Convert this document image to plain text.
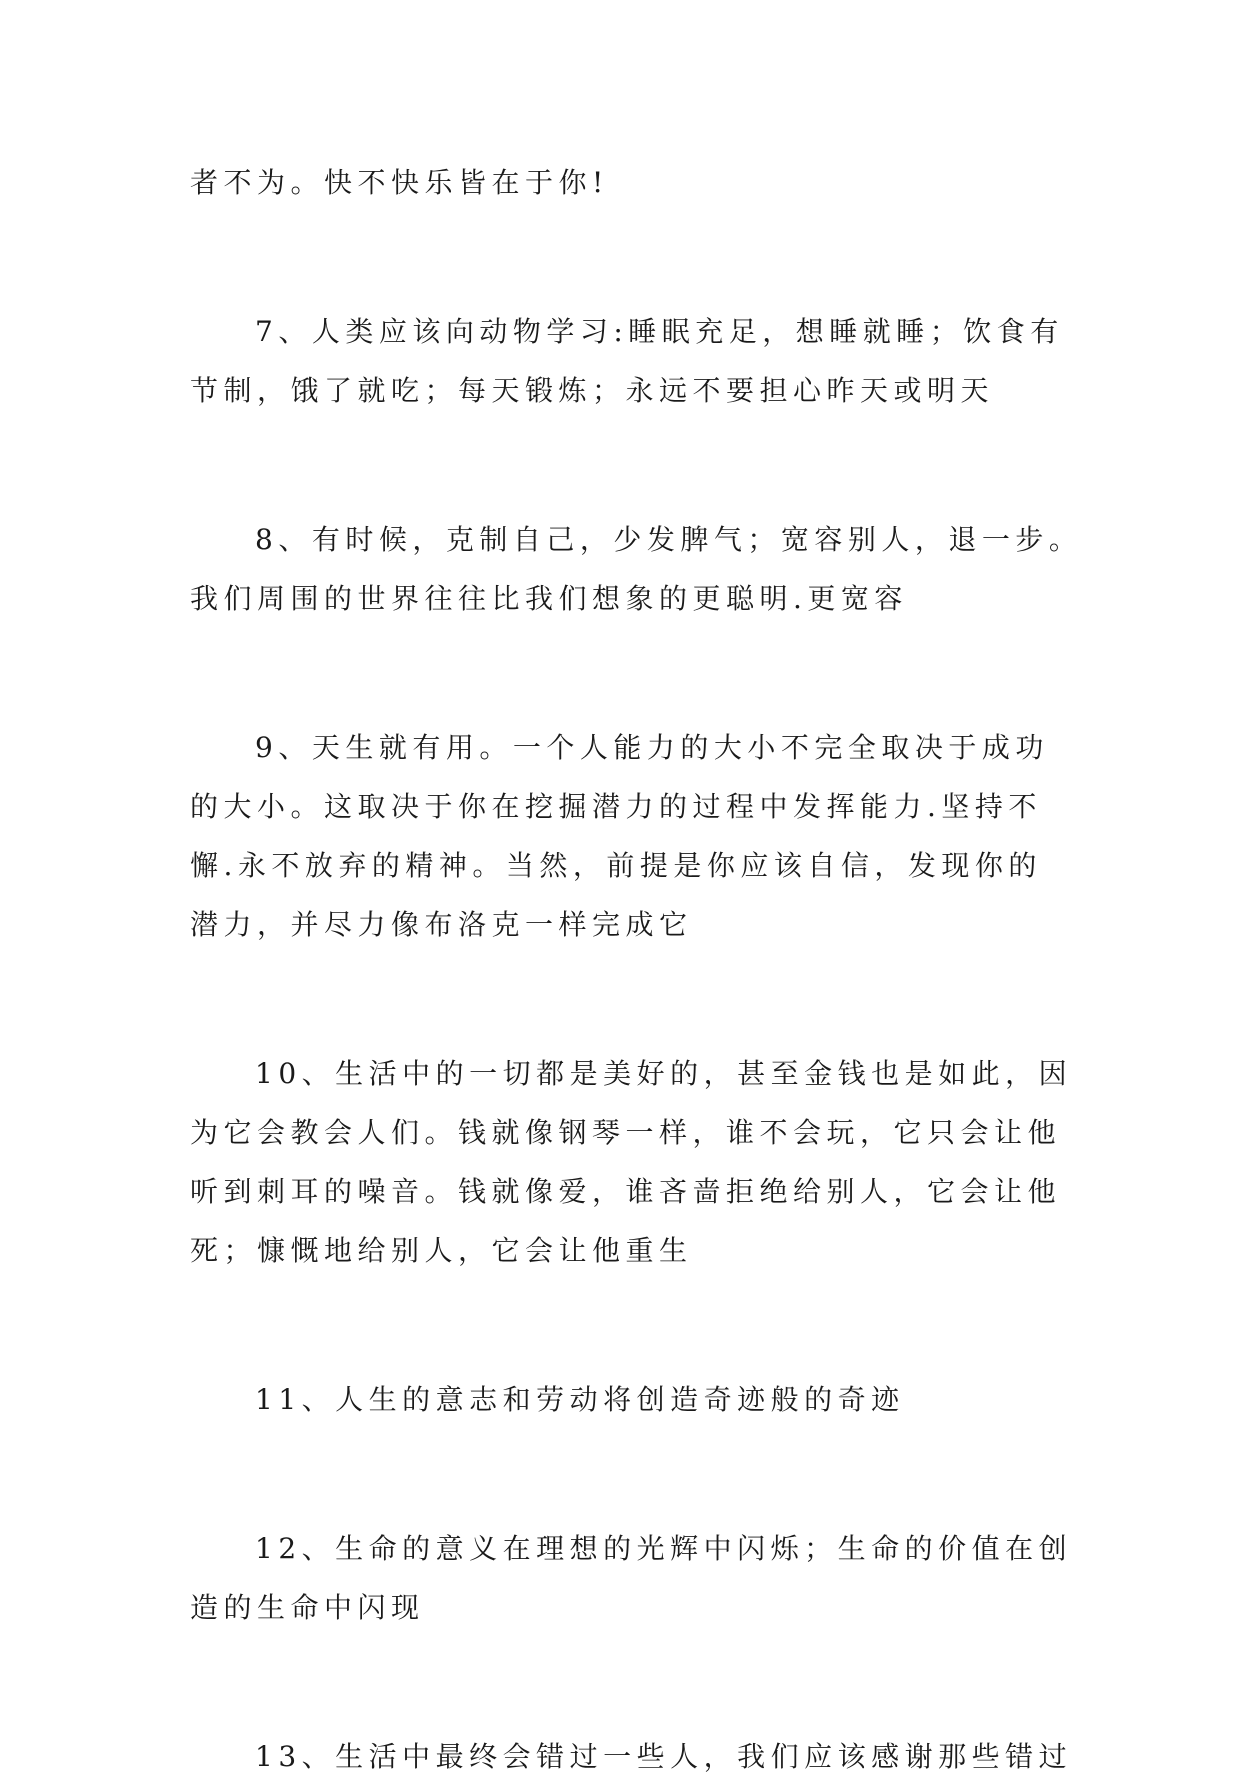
者不为。快不快乐皆在于你!

7、人类应该向动物学习:睡眠充足，想睡就睡；饮食有
节制，饿了就吃；每天锻炼；永远不要担心昨天或明天

8、有时候，克制自己，少发脾气；宽容别人，退一步。
我们周围的世界往往比我们想象的更聪明.更宽容

9、天生就有用。一个人能力的大小不完全取决于成功
的大小。这取决于你在挖掘潜力的过程中发挥能力.坚持不
懈.永不放弃的精神。当然，前提是你应该自信，发现你的
潜力，并尽力像布洛克一样完成它

10、生活中的一切都是美好的，甚至金钱也是如此，因
为它会教会人们。钱就像钢琴一样，谁不会玩，它只会让他
听到刺耳的噪音。钱就像爱，谁吝啬拒绝给别人，它会让他
死；慷慨地给别人，它会让他重生

11、人生的意志和劳动将创造奇迹般的奇迹

12、生命的意义在理想的光辉中闪烁；生命的价值在创
造的生命中闪现

13、生活中最终会错过一些人，我们应该感谢那些错过
